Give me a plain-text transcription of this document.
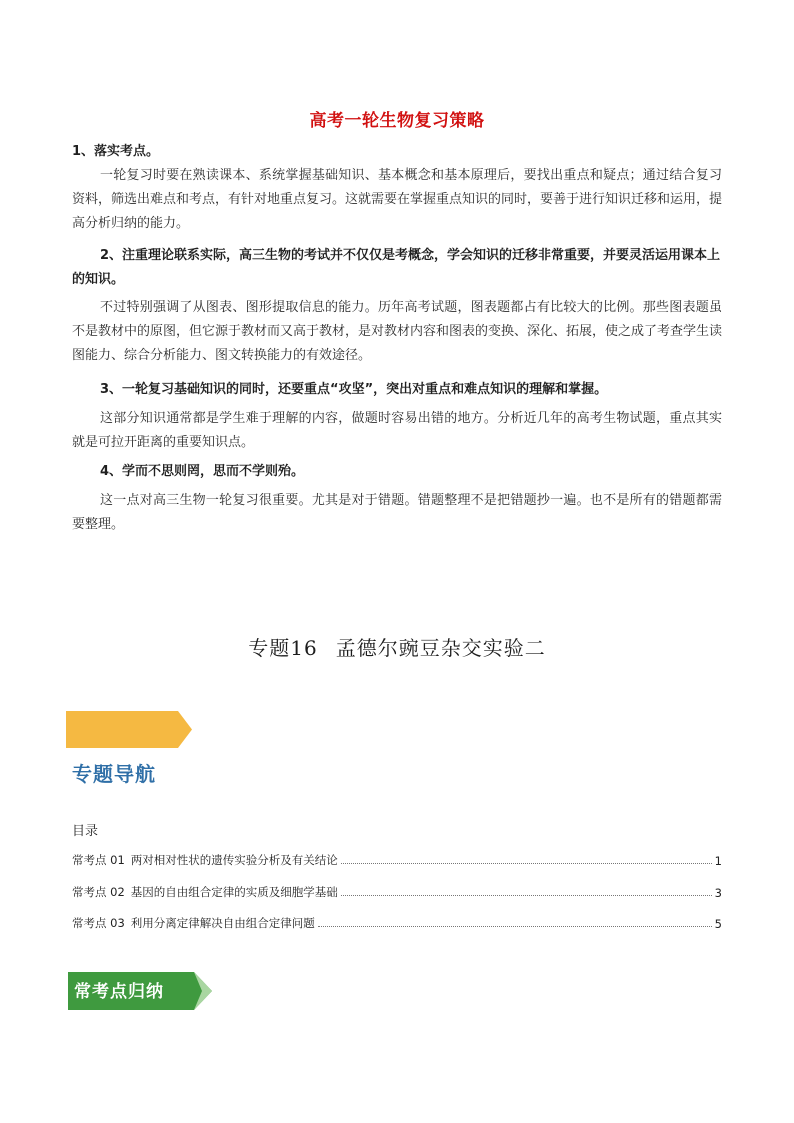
高考一轮生物复习策略
1、落实考点。
一轮复习时要在熟读课本、系统掌握基础知识、基本概念和基本原理后，要找出重点和疑点；通过结合复习资料，筛选出难点和考点，有针对地重点复习。这就需要在掌握重点知识的同时，要善于进行知识迁移和运用，提高分析归纳的能力。
2、注重理论联系实际，高三生物的考试并不仅仅是考概念，学会知识的迁移非常重要，并要灵活运用课本上的知识。
不过特别强调了从图表、图形提取信息的能力。历年高考试题，图表题都占有比较大的比例。那些图表题虽不是教材中的原图，但它源于教材而又高于教材，是对教材内容和图表的变换、深化、拓展，使之成了考查学生读图能力、综合分析能力、图文转换能力的有效途径。
3、一轮复习基础知识的同时，还要重点“攻坚”，突出对重点和难点知识的理解和掌握。
这部分知识通常都是学生难于理解的内容，做题时容易出错的地方。分析近几年的高考生物试题，重点其实就是可拉开距离的重要知识点。
4、学而不思则罔，思而不学则殆。
这一点对高三生物一轮复习很重要。尤其是对于错题。错题整理不是把错题抄一遍。也不是所有的错题都需要整理。
专题16 孟德尔豌豆杂交实验二
专题导航
目录
常考点 01 两对相对性状的遗传实验分析及有关结论	1
常考点 02 基因的自由组合定律的实质及细胞学基础	3
常考点 03 利用分离定律解决自由组合定律问题	5
常考点归纳
